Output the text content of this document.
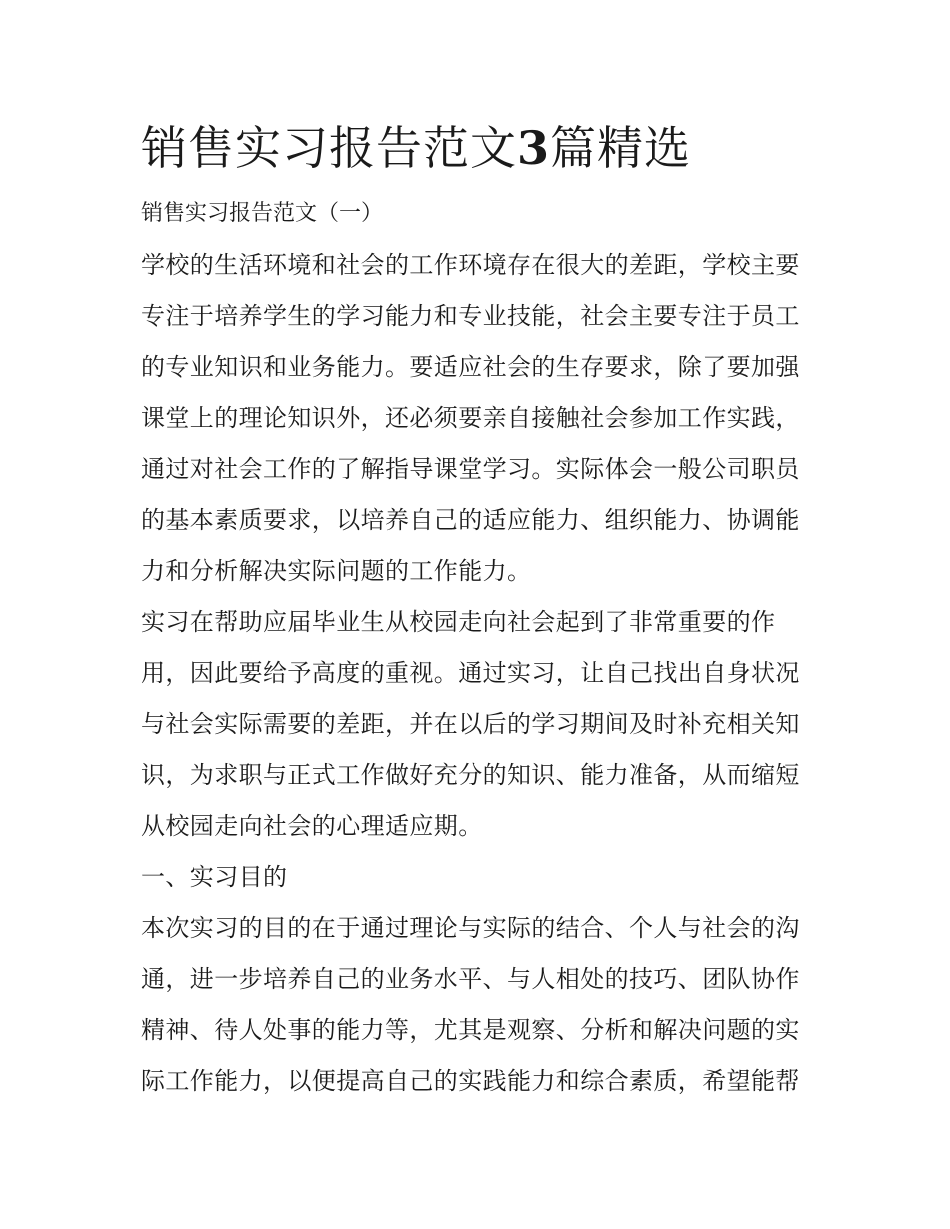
销售实习报告范文3篇精选
销售实习报告范文（一）
学校的生活环境和社会的工作环境存在很大的差距，学校主要
专注于培养学生的学习能力和专业技能，社会主要专注于员工
的专业知识和业务能力。要适应社会的生存要求，除了要加强
课堂上的理论知识外，还必须要亲自接触社会参加工作实践，
通过对社会工作的了解指导课堂学习。实际体会一般公司职员
的基本素质要求，以培养自己的适应能力、组织能力、协调能
力和分析解决实际问题的工作能力。
实习在帮助应届毕业生从校园走向社会起到了非常重要的作
用，因此要给予高度的重视。通过实习，让自己找出自身状况
与社会实际需要的差距，并在以后的学习期间及时补充相关知
识，为求职与正式工作做好充分的知识、能力准备，从而缩短
从校园走向社会的心理适应期。
一、实习目的
本次实习的目的在于通过理论与实际的结合、个人与社会的沟
通，进一步培养自己的业务水平、与人相处的技巧、团队协作
精神、待人处事的能力等，尤其是观察、分析和解决问题的实
际工作能力，以便提高自己的实践能力和综合素质，希望能帮
